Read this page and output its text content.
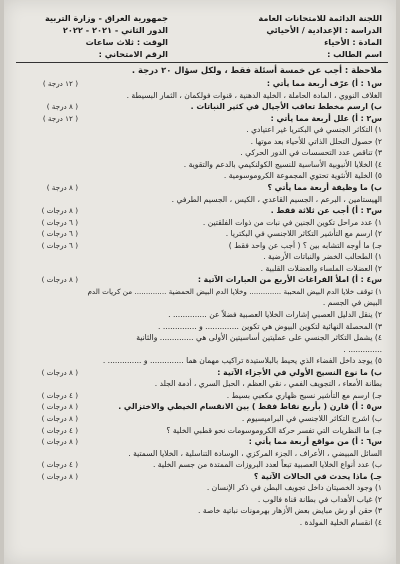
اللجنة الدائمة للامتحانات العامة
الدراسة : الإعدادية / الأحيائي
المادة : الأحياء
اسم الطالب :
جمهورية العراق - وزارة التربية
الدور الثاني - ٢٠٢١ - ٢٠٢٢
الوقت : ثلاث ساعات
الرقم الامتحاني :
ملاحظة : أجب عن خمسة أسئلة فقط ، ولكل سؤال ٢٠ درجة .
س١ : أ) عرّف أربعة مما يأتي :
( ١٢ درجة )
الغلاف النووي ، المادة الحاملة ، الخلية الدهنية ، قنوات فولكمان ، الثمار البسيطة .
ب) ارسم مخطط تعاقب الأجيال في كثير النباتات .
( ٨ درجة )
س٢ : أ) علل أربعة مما يأتي :
( ١٢ درجة )
١) التكاثر الجنسي في البكتريا غير اعتيادي .
٢) حصول التحلل الذاتي للأحياء بعد موتها .
٣) تناقص عدد التحسسات في الدور الحركي .
٤) الخلايا الأنبوبية الأساسية للنسيج الكولنكيمي بالدعم والتقوية .
٥) الخلية الأنثوية تحتوي المجموعة الكروموسومية .
ب) ما وظيفة أربعة مما يأتي ؟
( ٨ درجة )
الهيستامين ، البرعم ، الجسيم القاعدي ، الكيس ، الجسيم الطرفي .
س٣ : أ) أجب عن ثلاثة فقط .
( ٨ درجات )
١) عدد مراحل تكوين الجنين في نبات من ذوات الفلقتين .
( ٦ درجات )
٢) ارسم مع التأشير التكاثر اللاجنسي في البكتريا .
( ٦ درجات )
جـ) ما أوجه التشابه بين ؟ ( أجب عن واحد فقط )
( ٦ درجات )
١) الطحالب الخضر والنباتات الأرضية .
٢) العضلات الملساء والعضلات القلبية .
س٤ : أ) املأ الفراغات الأربع من العبارات الآتية :
( ٨ درجات )
١) توقف خلايا الدم البيض المحببة .............. وخلايا الدم البيض الحمضية .............. من كريات الدم
البيض في الجسم .
٢) ينقل الدليل العصبي إشارات الخلايا العصبية فضلاً عن .............. .
٣) المحصلة النهائية لتكوين البيوض هي تكوين .............. و .............. .
٤) يشمل التكاثر الجنسي على عمليتين أساسيتين الأولى هي .............. والثانية
.............. .
٥) يوجد داخل الفضاء الذي يحيط بالبلاستيدة تراكيب مهمان هما .............. و .............. .
ب) ما نوع النسيج الأولي في الأجزاء الآتية :
( ٨ درجات )
بطانة الأمعاء ، التجويف الفمي ، نقي العظم ، الحبل السري ، أدمة الجلد .
جـ) ارسم مع التأشير نسيج ظهاري مكعبي بسيط .
( ٤ درجات )
س٥ : أ) قارن ( بأربع نقاط فقط ) بين الانقسام الخيطي والاختزالي .
( ٨ درجات )
ب) اشرح التكاثر اللاجنسي في البراميسيوم .
( ٨ درجات )
جـ) ما النظريات التي تفسر حركة الكروموسومات نحو قطبي الخلية ؟
( ٤ درجات )
س٦ : أ) من مواقع أربعة مما يأتي :
( ٨ درجات )
السائل المبيضي ، الأعراف ، الجزء المركزي ، الوسادة التناسلية ، الخلايا السمتية .
ب) عدد أنواع الخلايا العصبية تبعاً لعدد البروزات الممتدة من جسم الخلية .
( ٤ درجات )
جـ) ماذا يحدث في الحالات الآتية ؟
( ٨ درجات )
١) وجود الخصيتان داخل تجويف البطن في ذكر الإنسان .
٢) غياب الأهداب في بطانة قناة فالوب .
٣) حقن أو رش مبايض بعض الأزهار بهرمونات نباتية خاصة .
٤) انقسام الخلية المولدة .
